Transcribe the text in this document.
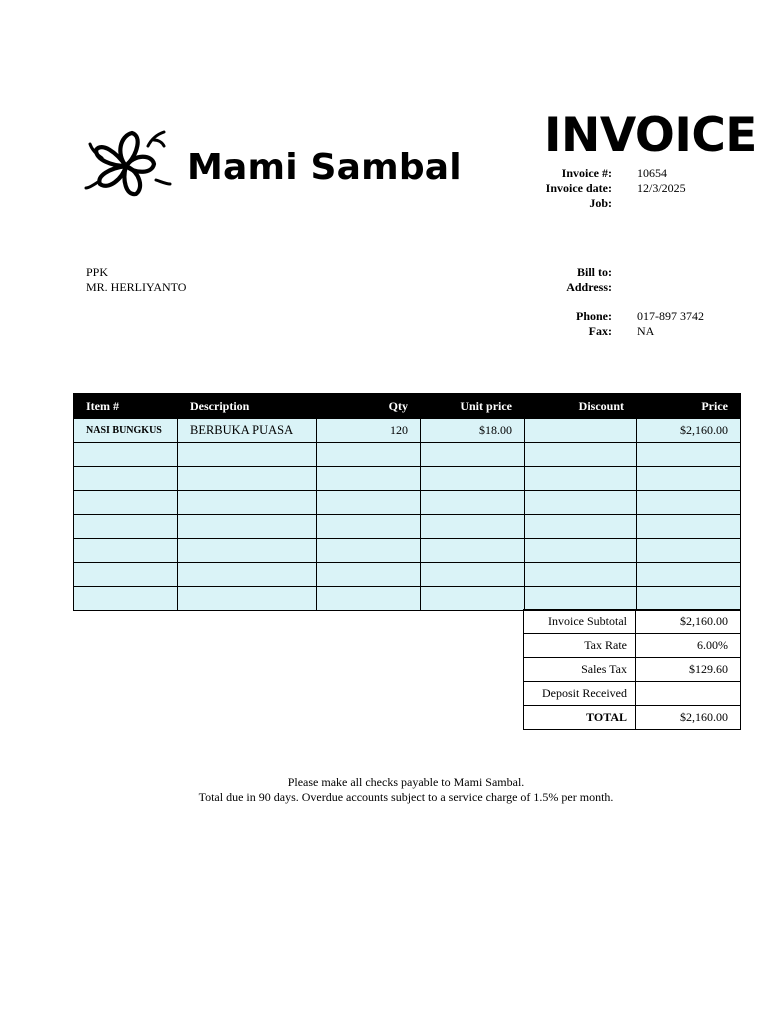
Mami Sambal
INVOICE
Invoice #: 10654
Invoice date: 12/3/2025
Job:
PPK
MR. HERLIYANTO
Bill to:
Address:
Phone: 017-897 3742
Fax: NA
Item #	Description	Qty	Unit price	Discount	Price
NASI BUNGKUS	BERBUKA PUASA	120	$18.00		$2,160.00

Invoice Subtotal	$2,160.00
Tax Rate	6.00%
Sales Tax	$129.60
Deposit Received	
TOTAL	$2,160.00
Please make all checks payable to Mami Sambal.
Total due in 90 days. Overdue accounts subject to a service charge of 1.5% per month.
